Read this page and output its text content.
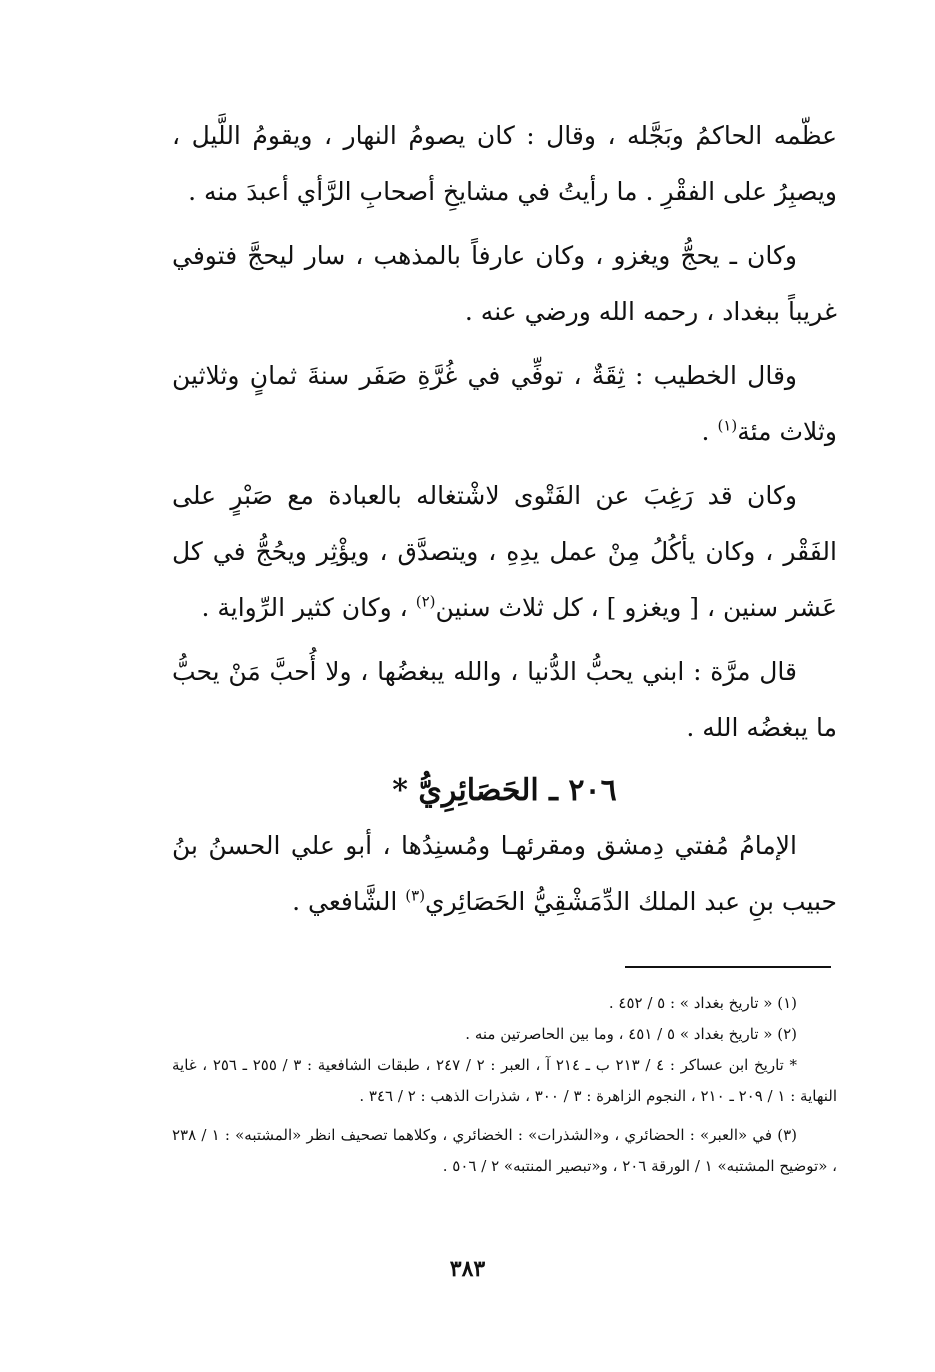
عظّمه الحاكمُ وبَجَّله ، وقال : كان يصومُ النهار ، ويقومُ اللَّيل ، ويصبِرُ على الفقْرِ . ما رأيتُ في مشايخِ أصحابِ الرَّأي أعبدَ منه .

وكان ـ يحجُّ ويغزو ، وكان عارفاً بالمذهب ، سار ليحجَّ فتوفي غريباً ببغداد ، رحمه الله ورضي عنه .

وقال الخطيب : ثِقَةٌ ، توفِّي في غُرَّةِ صَفَر سنةَ ثمانٍ وثلاثين وثلاث مئة$^{(١)}$ .

وكان قد رَغِبَ عن الفَتْوى لاشْتغاله بالعبادة مع صَبْرٍ على الفَقْر ، وكان يأكُلُ مِنْ عمل يدِهِ ، ويتصدَّق ، ويؤْثِر ويحُجُّ في كل عَشر سنين ، [ ويغزو ] ، كل ثلاث سنين$^{(٢)}$ ، وكان كثير الرِّواية .

قال مرَّة : ابني يحبُّ الدُّنيا ، والله يبغضُها ، ولا أُحبَّ مَنْ يحبُّ ما يبغضُه الله .

٢٠٦ ـ الحَصَائِرِيُّ *

الإمامُ مُفتي دِمشق ومقرئهـا ومُسنِدُها ، أبو علي الحسنُ بنُ حبيب بنِ عبد الملك الدِّمَشْقِيُّ الحَصَائِري$^{(٣)}$ الشَّافعي .

(١) « تاريخ بغداد » : ٥ / ٤٥٢ .

(٢) « تاريخ بغداد » ٥ / ٤٥١ ، وما بين الحاصرتين منه .

* تاريخ ابن عساكر : ٤ / ٢١٣ ب ـ ٢١٤ آ ، العبر : ٢ / ٢٤٧ ، طبقات الشافعية : ٣ / ٢٥٥ ـ ٢٥٦ ، غاية النهاية : ١ / ٢٠٩ ـ ٢١٠ ، النجوم الزاهرة : ٣ / ٣٠٠ ، شذرات الذهب : ٢ / ٣٤٦ .

(٣) في «العبر» : الحضائري ، و«الشذرات» : الخضائري ، وكلاهما تصحيف انظر «المشتبه» : ١ / ٢٣٨ ، «توضيح المشتبه» ١ / الورقة ٢٠٦ ، و«تبصير المنتبه» ٢ / ٥٠٦ .

٣٨٣
